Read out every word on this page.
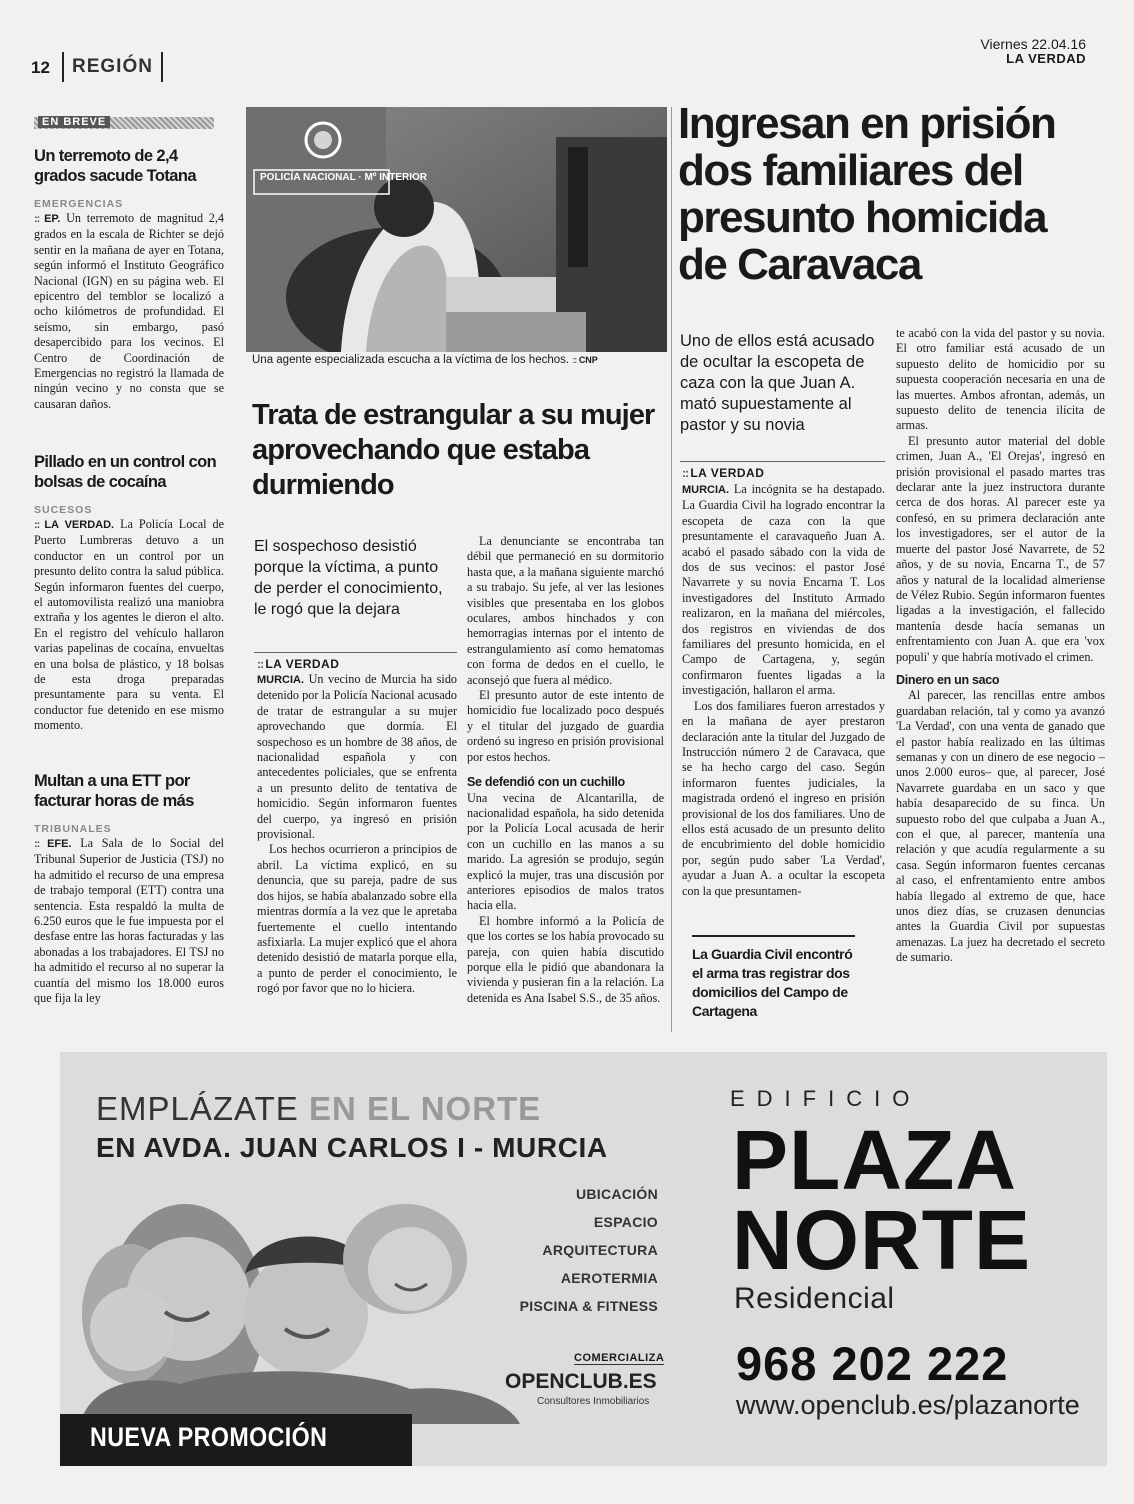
12	REGIÓN
Viernes 22.04.16
LA VERDAD
EN BREVE
Un terremoto de 2,4 grados sacude Totana
EMERGENCIAS
:: EP. Un terremoto de magnitud 2,4 grados en la escala de Richter se dejó sentir en la mañana de ayer en Totana, según informó el Instituto Geográfico Nacional (IGN) en su página web. El epicentro del temblor se localizó a ocho kilómetros de profundidad. El seísmo, sin embargo, pasó desapercibido para los vecinos. El Centro de Coordinación de Emergencias no registró la llamada de ningún vecino y no consta que se causaran daños.
Pillado en un control con bolsas de cocaína
SUCESOS
:: LA VERDAD. La Policía Local de Puerto Lumbreras detuvo a un conductor en un control por un presunto delito contra la salud pública. Según informaron fuentes del cuerpo, el automovilista realizó una maniobra extraña y los agentes le dieron el alto. En el registro del vehículo hallaron varias papelinas de cocaína, envueltas en una bolsa de plástico, y 18 bolsas de esta droga preparadas presuntamente para su venta. El conductor fue detenido en ese mismo momento.
Multan a una ETT por facturar horas de más
TRIBUNALES
:: EFE. La Sala de lo Social del Tribunal Superior de Justicia (TSJ) no ha admitido el recurso de una empresa de trabajo temporal (ETT) contra una sentencia. Esta respaldó la multa de 6.250 euros que le fue impuesta por el desfase entre las horas facturadas y las abonadas a los trabajadores. El TSJ no ha admitido el recurso al no superar la cuantía del mismo los 18.000 euros que fija la ley
POLICÍA NACIONAL · Mº INTERIOR
Una agente especializada escucha a la víctima de los hechos. :: CNP
Trata de estrangular a su mujer aprovechando que estaba durmiendo
El sospechoso desistió porque la víctima, a punto de perder el conocimiento, le rogó que la dejara
:: LA VERDAD

MURCIA. Un vecino de Murcia ha sido detenido por la Policía Nacional acusado de tratar de estrangular a su mujer aprovechando que dormía. El sospechoso es un hombre de 38 años, de nacionalidad española y con antecedentes policiales, que se enfrenta a un presunto delito de tentativa de homicidio. Según informaron fuentes del cuerpo, ya ingresó en prisión provisional.

Los hechos ocurrieron a principios de abril. La víctima explicó, en su denuncia, que su pareja, padre de sus dos hijos, se había abalanzado sobre ella mientras dormía a la vez que le apretaba fuertemente el cuello intentando asfixiarla. La mujer explicó que el ahora detenido desistió de matarla porque ella, a punto de perder el conocimiento, le rogó por favor que no lo hiciera.

La denunciante se encontraba tan débil que permaneció en su dormitorio hasta que, a la mañana siguiente marchó a su trabajo. Su jefe, al ver las lesiones visibles que presentaba en los globos oculares, ambos hinchados y con hemorragias internas por el intento de estrangulamiento así como hematomas con forma de dedos en el cuello, le aconsejó que fuera al médico.

El presunto autor de este intento de homicidio fue localizado poco después y el titular del juzgado de guardia ordenó su ingreso en prisión provisional por estos hechos.

Se defendió con un cuchillo

Una vecina de Alcantarilla, de nacionalidad española, ha sido detenida por la Policía Local acusada de herir con un cuchillo en las manos a su marido. La agresión se produjo, según explicó la mujer, tras una discusión por anteriores episodios de malos tratos hacia ella.

El hombre informó a la Policía de que los cortes se los había provocado su pareja, con quien había discutido porque ella le pidió que abandonara la vivienda y pusieran fin a la relación. La detenida es Ana Isabel S.S., de 35 años.

Ingresan en prisión dos familiares del presunto homicida de Caravaca
Uno de ellos está acusado de ocultar la escopeta de caza con la que Juan A. mató supuestamente al pastor y su novia
:: LA VERDAD

MURCIA. La incógnita se ha destapado. La Guardia Civil ha logrado encontrar la escopeta de caza con la que presuntamente el caravaqueño Juan A. acabó el pasado sábado con la vida de dos de sus vecinos: el pastor José Navarrete y su novia Encarna T. Los investigadores del Instituto Armado realizaron, en la mañana del miércoles, dos registros en viviendas de dos familiares del presunto homicida, en el Campo de Cartagena, y, según confirmaron fuentes ligadas a la investigación, hallaron el arma.

Los dos familiares fueron arrestados y en la mañana de ayer prestaron declaración ante la titular del Juzgado de Instrucción número 2 de Caravaca, que se ha hecho cargo del caso. Según informaron fuentes judiciales, la magistrada ordenó el ingreso en prisión provisional de los dos familiares. Uno de ellos está acusado de un presunto delito de encubrimiento del doble homicidio por, según pudo saber 'La Verdad', ayudar a Juan A. a ocultar la escopeta con la que presuntamen-

La Guardia Civil encontró el arma tras registrar dos domicilios del Campo de Cartagena

te acabó con la vida del pastor y su novia. El otro familiar está acusado de un supuesto delito de homicidio por su supuesta cooperación necesaria en una de las muertes. Ambos afrontan, además, un supuesto delito de tenencia ilícita de armas.

El presunto autor material del doble crimen, Juan A., 'El Orejas', ingresó en prisión provisional el pasado martes tras declarar ante la juez instructora durante cerca de dos horas. Al parecer este ya confesó, en su primera declaración ante los investigadores, ser el autor de la muerte del pastor José Navarrete, de 52 años, y de su novia, Encarna T., de 57 años y natural de la localidad almeriense de Vélez Rubio. Según informaron fuentes ligadas a la investigación, el fallecido mantenía desde hacía semanas un enfrentamiento con Juan A. que era 'vox populi' y que habría motivado el crimen.

Dinero en un saco

Al parecer, las rencillas entre ambos guardaban relación, tal y como ya avanzó 'La Verdad', con una venta de ganado que el pastor había realizado en las últimas semanas y con un dinero de ese negocio –unos 2.000 euros– que, al parecer, José Navarrete guardaba en un saco y que había desaparecido de su finca. Un supuesto robo del que culpaba a Juan A., con el que, al parecer, mantenía una relación y que acudía regularmente a su casa. Según informaron fuentes cercanas al caso, el enfrentamiento entre ambos había llegado al extremo de que, hace unos diez días, se cruzasen denuncias antes la Guardia Civil por supuestas amenazas. La juez ha decretado el secreto de sumario.

EMPLÁZATE EN EL NORTE
EN AVDA. JUAN CARLOS I - MURCIA
UBICACIÓN
ESPACIO
ARQUITECTURA
AEROTERMIA
PISCINA & FITNESS
COMERCIALIZA
OPENCLUB.ES
Consultores Inmobiliarios
NUEVA PROMOCIÓN
EDIFICIO
PLAZA
NORTE
Residencial
968 202 222
www.openclub.es/plazanorte
